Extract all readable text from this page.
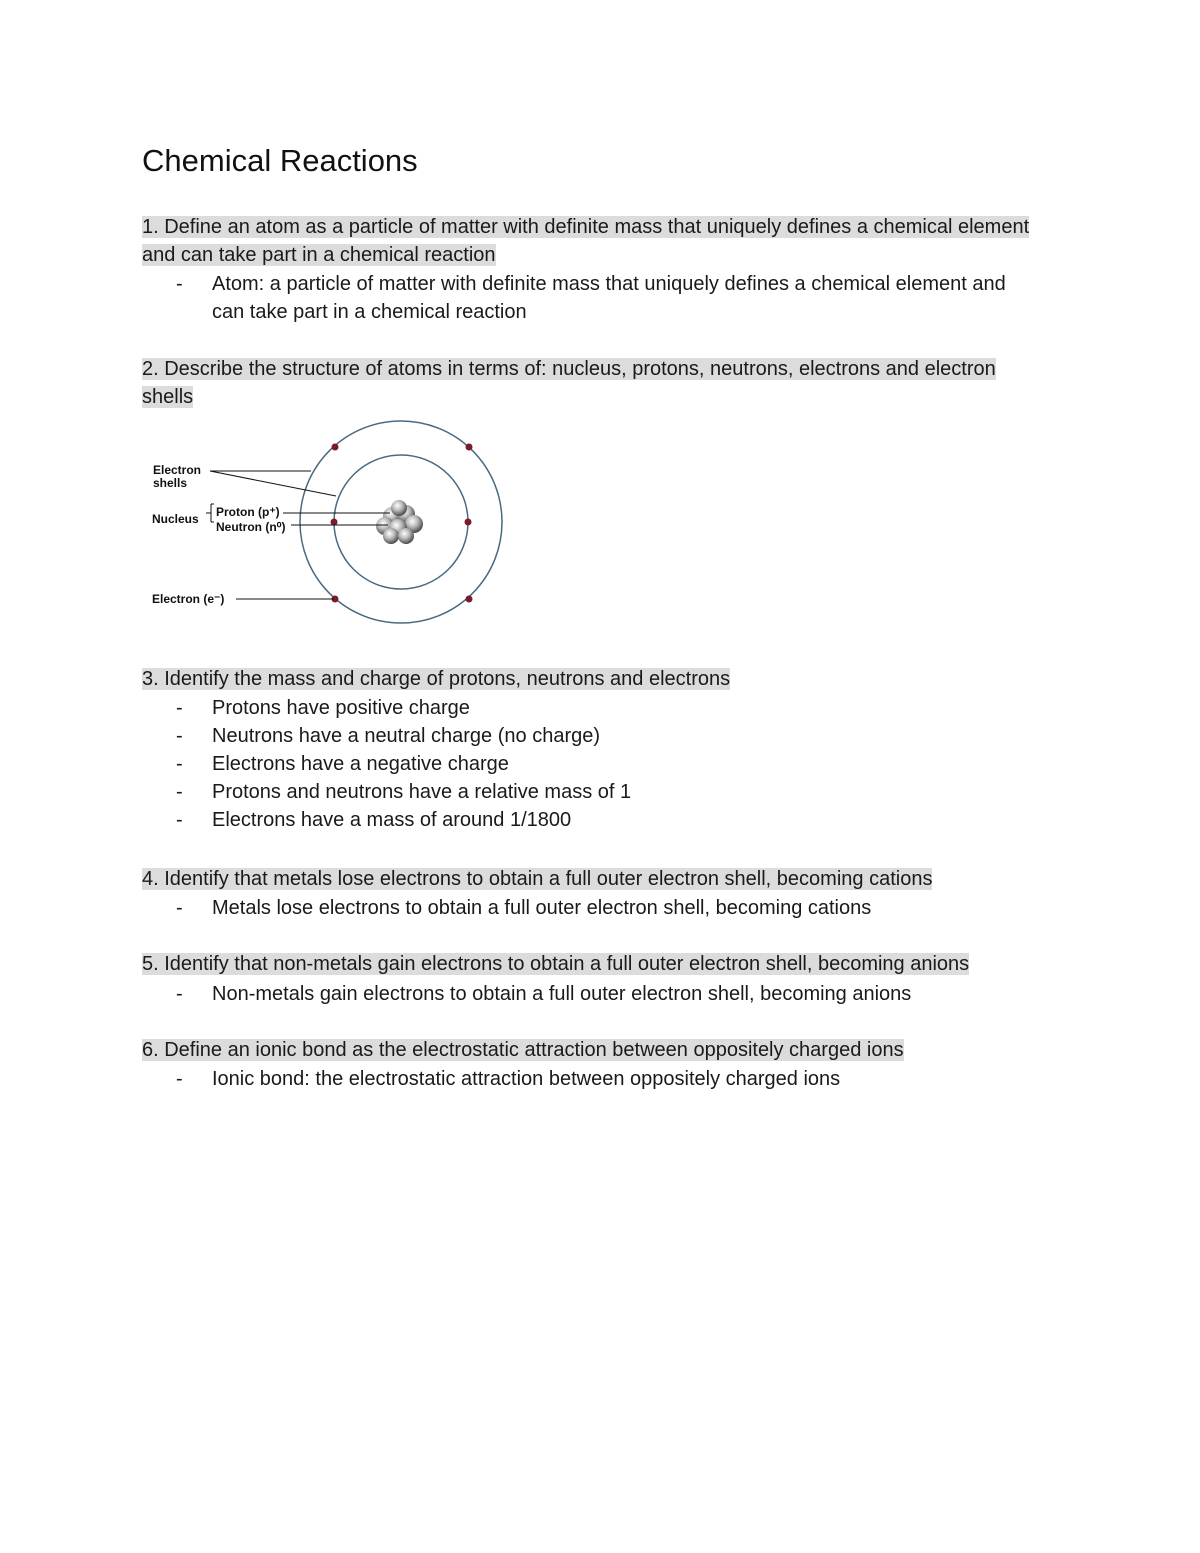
Chemical Reactions
1. Define an atom as a particle of matter with definite mass that uniquely defines a chemical element and can take part in a chemical reaction
- Atom: a particle of matter with definite mass that uniquely defines a chemical element and can take part in a chemical reaction
2. Describe the structure of atoms in terms of: nucleus, protons, neutrons, electrons and electron shells
3. Identify the mass and charge of protons, neutrons and electrons
- Protons have positive charge
- Neutrons have a neutral charge (no charge)
- Electrons have a negative charge
- Protons and neutrons have a relative mass of 1
- Electrons have a mass of around 1/1800
4. Identify that metals lose electrons to obtain a full outer electron shell, becoming cations
- Metals lose electrons to obtain a full outer electron shell, becoming cations
5. Identify that non-metals gain electrons to obtain a full outer electron shell, becoming anions
- Non-metals gain electrons to obtain a full outer electron shell, becoming anions
6. Define an ionic bond as the electrostatic attraction between oppositely charged ions
- Ionic bond: the electrostatic attraction between oppositely charged ions
Electron
shells
Nucleus Proton (p⁺)
Neutron (n⁰)
Electron (e⁻)
